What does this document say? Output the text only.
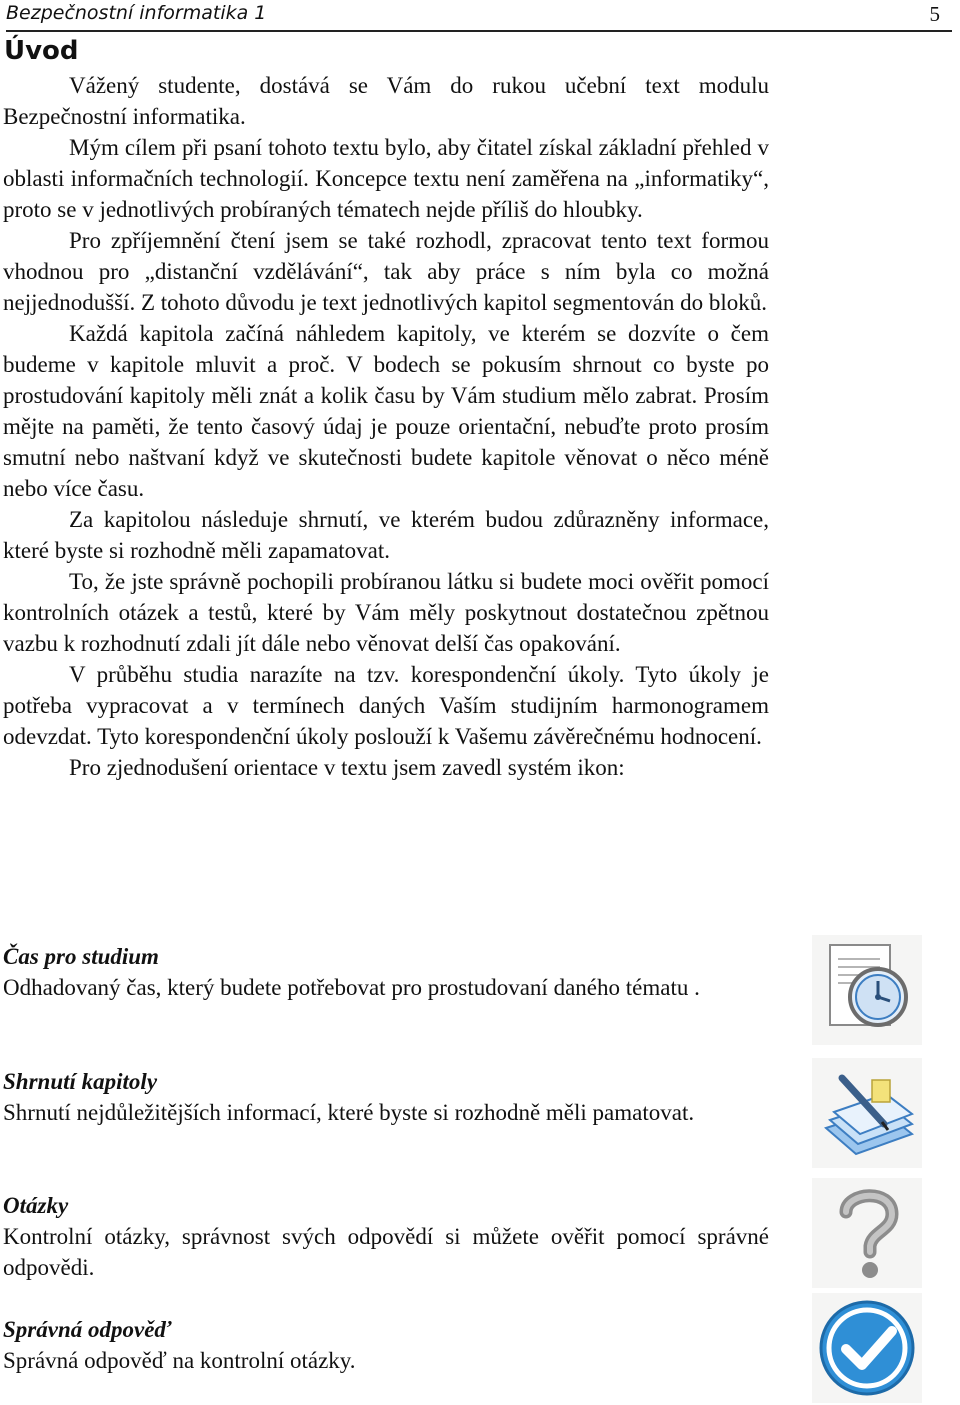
Bezpečnostní informatika 1	5
Úvod

Vážený studente, dostává se Vám do rukou učební text modulu Bezpečnostní informatika.

Mým cílem při psaní tohoto textu bylo, aby čitatel získal základní přehled v oblasti informačních technologií. Koncepce textu není zaměřena na „informatiky“, proto se v jednotlivých probíraných tématech nejde příliš do hloubky.

Pro zpříjemnění čtení jsem se také rozhodl, zpracovat tento text formou vhodnou pro „distanční vzdělávání“, tak aby práce s ním byla co možná nejjednodušší. Z tohoto důvodu je text jednotlivých kapitol segmentován do bloků.

Každá kapitola začíná náhledem kapitoly, ve kterém se dozvíte o čem budeme v kapitole mluvit a proč. V bodech se pokusím shrnout co byste po prostudování kapitoly měli znát a kolik času by Vám studium mělo zabrat. Prosím mějte na paměti, že tento časový údaj je pouze orientační, nebuďte proto prosím smutní nebo naštvaní když ve skutečnosti budete kapitole věnovat o něco méně nebo více času.

Za kapitolou následuje shrnutí, ve kterém budou zdůrazněny informace, které byste si rozhodně měli zapamatovat.

To, že jste správně pochopili probíranou látku si budete moci ověřit pomocí kontrolních otázek a testů, které by Vám měly poskytnout dostatečnou zpětnou vazbu k rozhodnutí zdali jít dále nebo věnovat delší čas opakování.

V průběhu studia narazíte na tzv. korespondenční úkoly. Tyto úkoly je potřeba vypracovat a v termínech daných Vaším studijním harmonogramem odevzdat. Tyto korespondenční úkoly poslouží k Vašemu závěrečnému hodnocení.

Pro zjednodušení orientace v textu jsem zavedl systém ikon:

Čas pro studium
Odhadovaný čas, který budete potřebovat pro prostudovaní daného tématu .
Shrnutí kapitoly
Shrnutí nejdůležitějších informací, které byste si rozhodně měli pamatovat.
Otázky
Kontrolní otázky, správnost svých odpovědí si můžete ověřit pomocí správné odpovědi.
Správná odpověď
Správná odpověď na kontrolní otázky.
